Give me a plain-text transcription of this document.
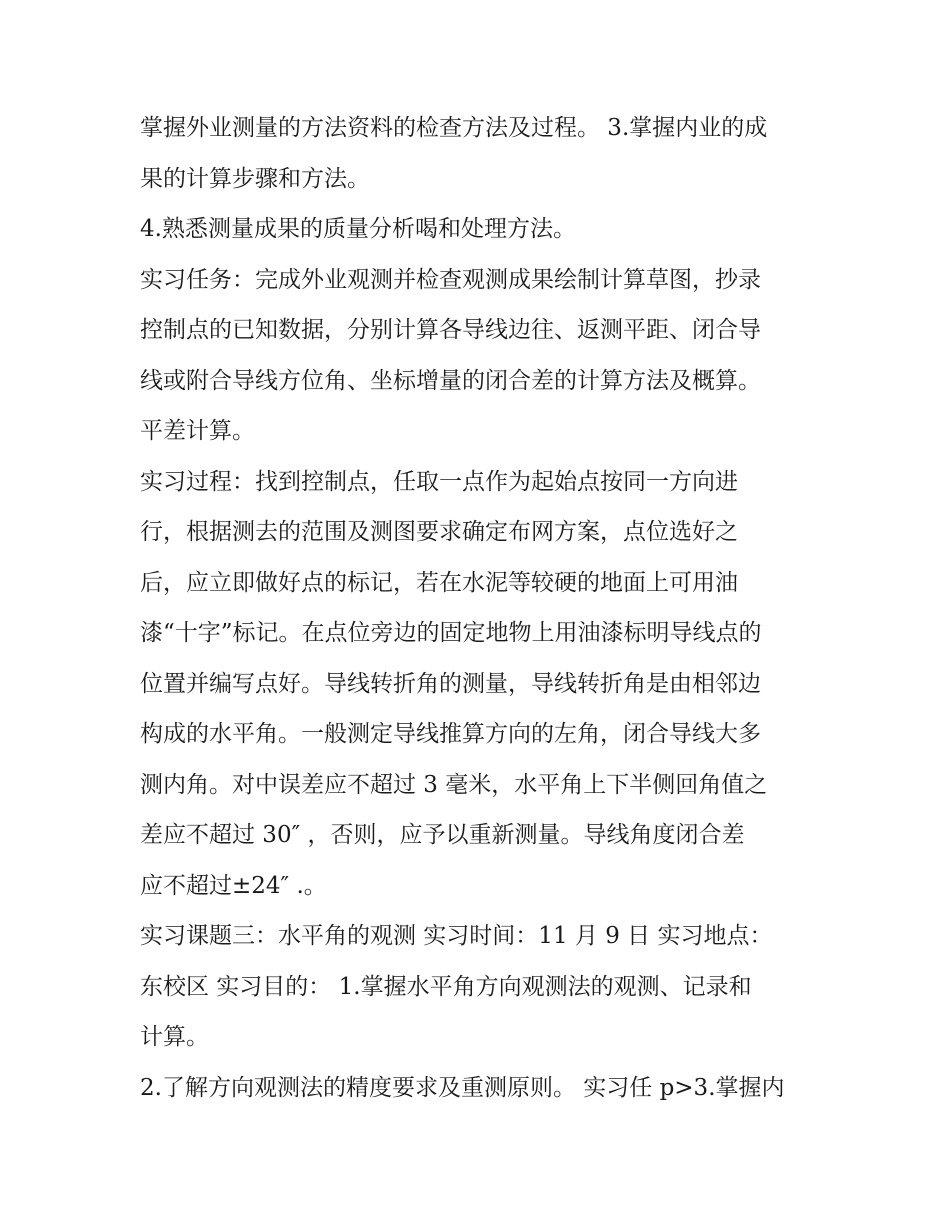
掌握外业测量的方法资料的检查方法及过程。 3.掌握内业的成
果的计算步骤和方法。
4.熟悉测量成果的质量分析喝和处理方法。
实习任务：完成外业观测并检查观测成果绘制计算草图，抄录
控制点的已知数据，分别计算各导线边往、返测平距、闭合导
线或附合导线方位角、坐标增量的闭合差的计算方法及概算。
平差计算。
实习过程：找到控制点，任取一点作为起始点按同一方向进
行，根据测去的范围及测图要求确定布网方案，点位选好之
后，应立即做好点的标记，若在水泥等较硬的地面上可用油
漆“十字”标记。在点位旁边的固定地物上用油漆标明导线点的
位置并编写点好。导线转折角的测量，导线转折角是由相邻边
构成的水平角。一般测定导线推算方向的左角，闭合导线大多
测内角。对中误差应不超过 3 毫米，水平角上下半侧回角值之
差应不超过 30″ ，否则，应予以重新测量。导线角度闭合差
应不超过±24″ .。
实习课题三：水平角的观测 实习时间：11 月 9 日 实习地点：
东校区 实习目的： 1.掌握水平角方向观测法的观测、记录和
计算。
2.了解方向观测法的精度要求及重测原则。 实习任 p>3.掌握内
